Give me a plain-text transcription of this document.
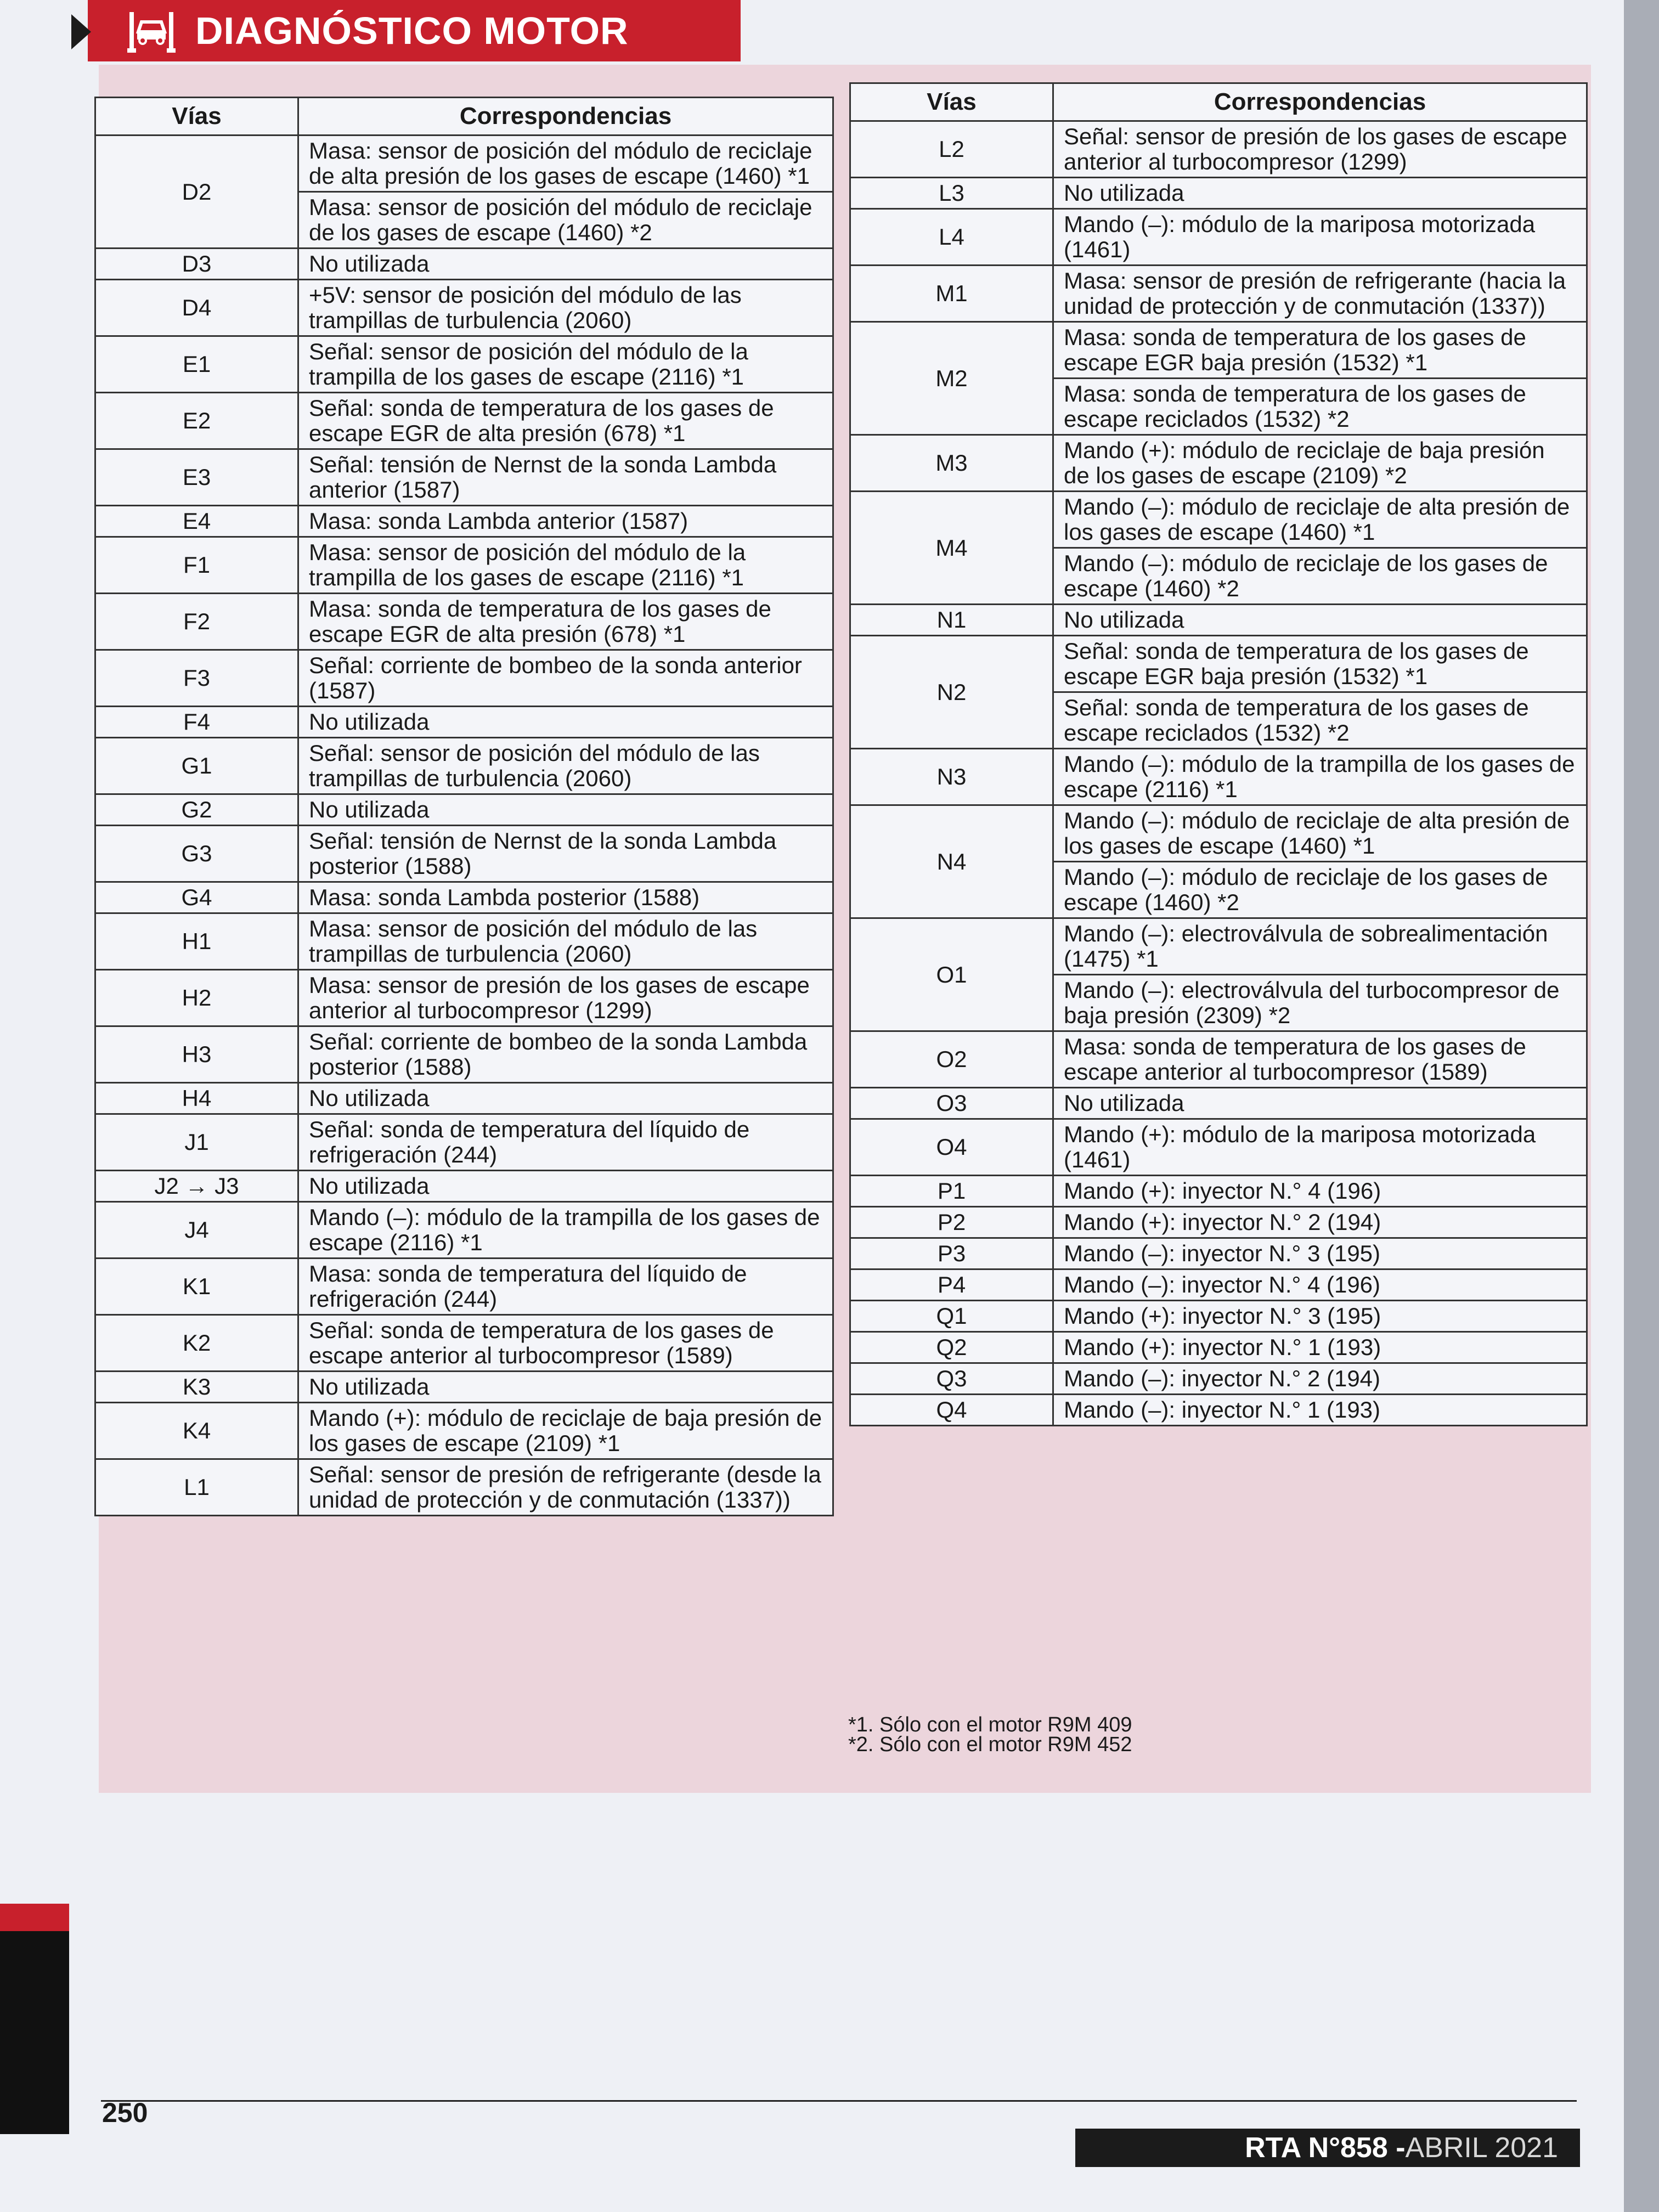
DIAGNÓSTICO MOTOR
Vías	Correspondencias
D2	Masa: sensor de posición del módulo de reciclaje de alta presión de los gases de escape (1460) *1
	Masa: sensor de posición del módulo de reciclaje de los gases de escape (1460) *2
D3	No utilizada
D4	+5V: sensor de posición del módulo de las trampillas de turbulencia (2060)
E1	Señal: sensor de posición del módulo de la trampilla de los gases de escape (2116) *1
E2	Señal: sonda de temperatura de los gases de escape EGR de alta presión (678) *1
E3	Señal: tensión de Nernst de la sonda Lambda anterior (1587)
E4	Masa: sonda Lambda anterior (1587)
F1	Masa: sensor de posición del módulo de la trampilla de los gases de escape (2116) *1
F2	Masa: sonda de temperatura de los gases de escape EGR de alta presión (678) *1
F3	Señal: corriente de bombeo de la sonda anterior (1587)
F4	No utilizada
G1	Señal: sensor de posición del módulo de las trampillas de turbulencia (2060)
G2	No utilizada
G3	Señal: tensión de Nernst de la sonda Lambda posterior (1588)
G4	Masa: sonda Lambda posterior (1588)
H1	Masa: sensor de posición del módulo de las trampillas de turbulencia (2060)
H2	Masa: sensor de presión de los gases de escape anterior al turbocompresor (1299)
H3	Señal: corriente de bombeo de la sonda Lambda posterior (1588)
H4	No utilizada
J1	Señal: sonda de temperatura del líquido de refrigeración (244)
J2 → J3	No utilizada
J4	Mando (–): módulo de la trampilla de los gases de escape (2116) *1
K1	Masa: sonda de temperatura del líquido de refrigeración (244)
K2	Señal: sonda de temperatura de los gases de escape anterior al turbocompresor (1589)
K3	No utilizada
K4	Mando (+): módulo de reciclaje de baja presión de los gases de escape (2109) *1
L1	Señal: sensor de presión de refrigerante (desde la unidad de protección y de conmutación (1337))
Vías	Correspondencias
L2	Señal: sensor de presión de los gases de escape anterior al turbocompresor (1299)
L3	No utilizada
L4	Mando (–): módulo de la mariposa motorizada (1461)
M1	Masa: sensor de presión de refrigerante (hacia la unidad de protección y de conmutación (1337))
M2	Masa: sonda de temperatura de los gases de escape EGR baja presión (1532) *1
	Masa: sonda de temperatura de los gases de escape reciclados (1532) *2
M3	Mando (+): módulo de reciclaje de baja presión de los gases de escape (2109) *2
M4	Mando (–): módulo de reciclaje de alta presión de los gases de escape (1460) *1
	Mando (–): módulo de reciclaje de los gases de escape (1460) *2
N1	No utilizada
N2	Señal: sonda de temperatura de los gases de escape EGR baja presión (1532) *1
	Señal: sonda de temperatura de los gases de escape reciclados (1532) *2
N3	Mando (–): módulo de la trampilla de los gases de escape (2116) *1
N4	Mando (–): módulo de reciclaje de alta presión de los gases de escape (1460) *1
	Mando (–): módulo de reciclaje de los gases de escape (1460) *2
O1	Mando (–): electroválvula de sobrealimentación (1475) *1
	Mando (–): electroválvula del turbocompresor de baja presión (2309) *2
O2	Masa: sonda de temperatura de los gases de escape anterior al turbocompresor (1589)
O3	No utilizada
O4	Mando (+): módulo de la mariposa motorizada (1461)
P1	Mando (+): inyector N.° 4 (196)
P2	Mando (+): inyector N.° 2 (194)
P3	Mando (–): inyector N.° 3 (195)
P4	Mando (–): inyector N.° 4 (196)
Q1	Mando (+): inyector N.° 3 (195)
Q2	Mando (+): inyector N.° 1 (193)
Q3	Mando (–): inyector N.° 2 (194)
Q4	Mando (–): inyector N.° 1 (193)
*1. Sólo con el motor R9M 409
*2. Sólo con el motor R9M 452
250
RTA N°858 - ABRIL 2021
